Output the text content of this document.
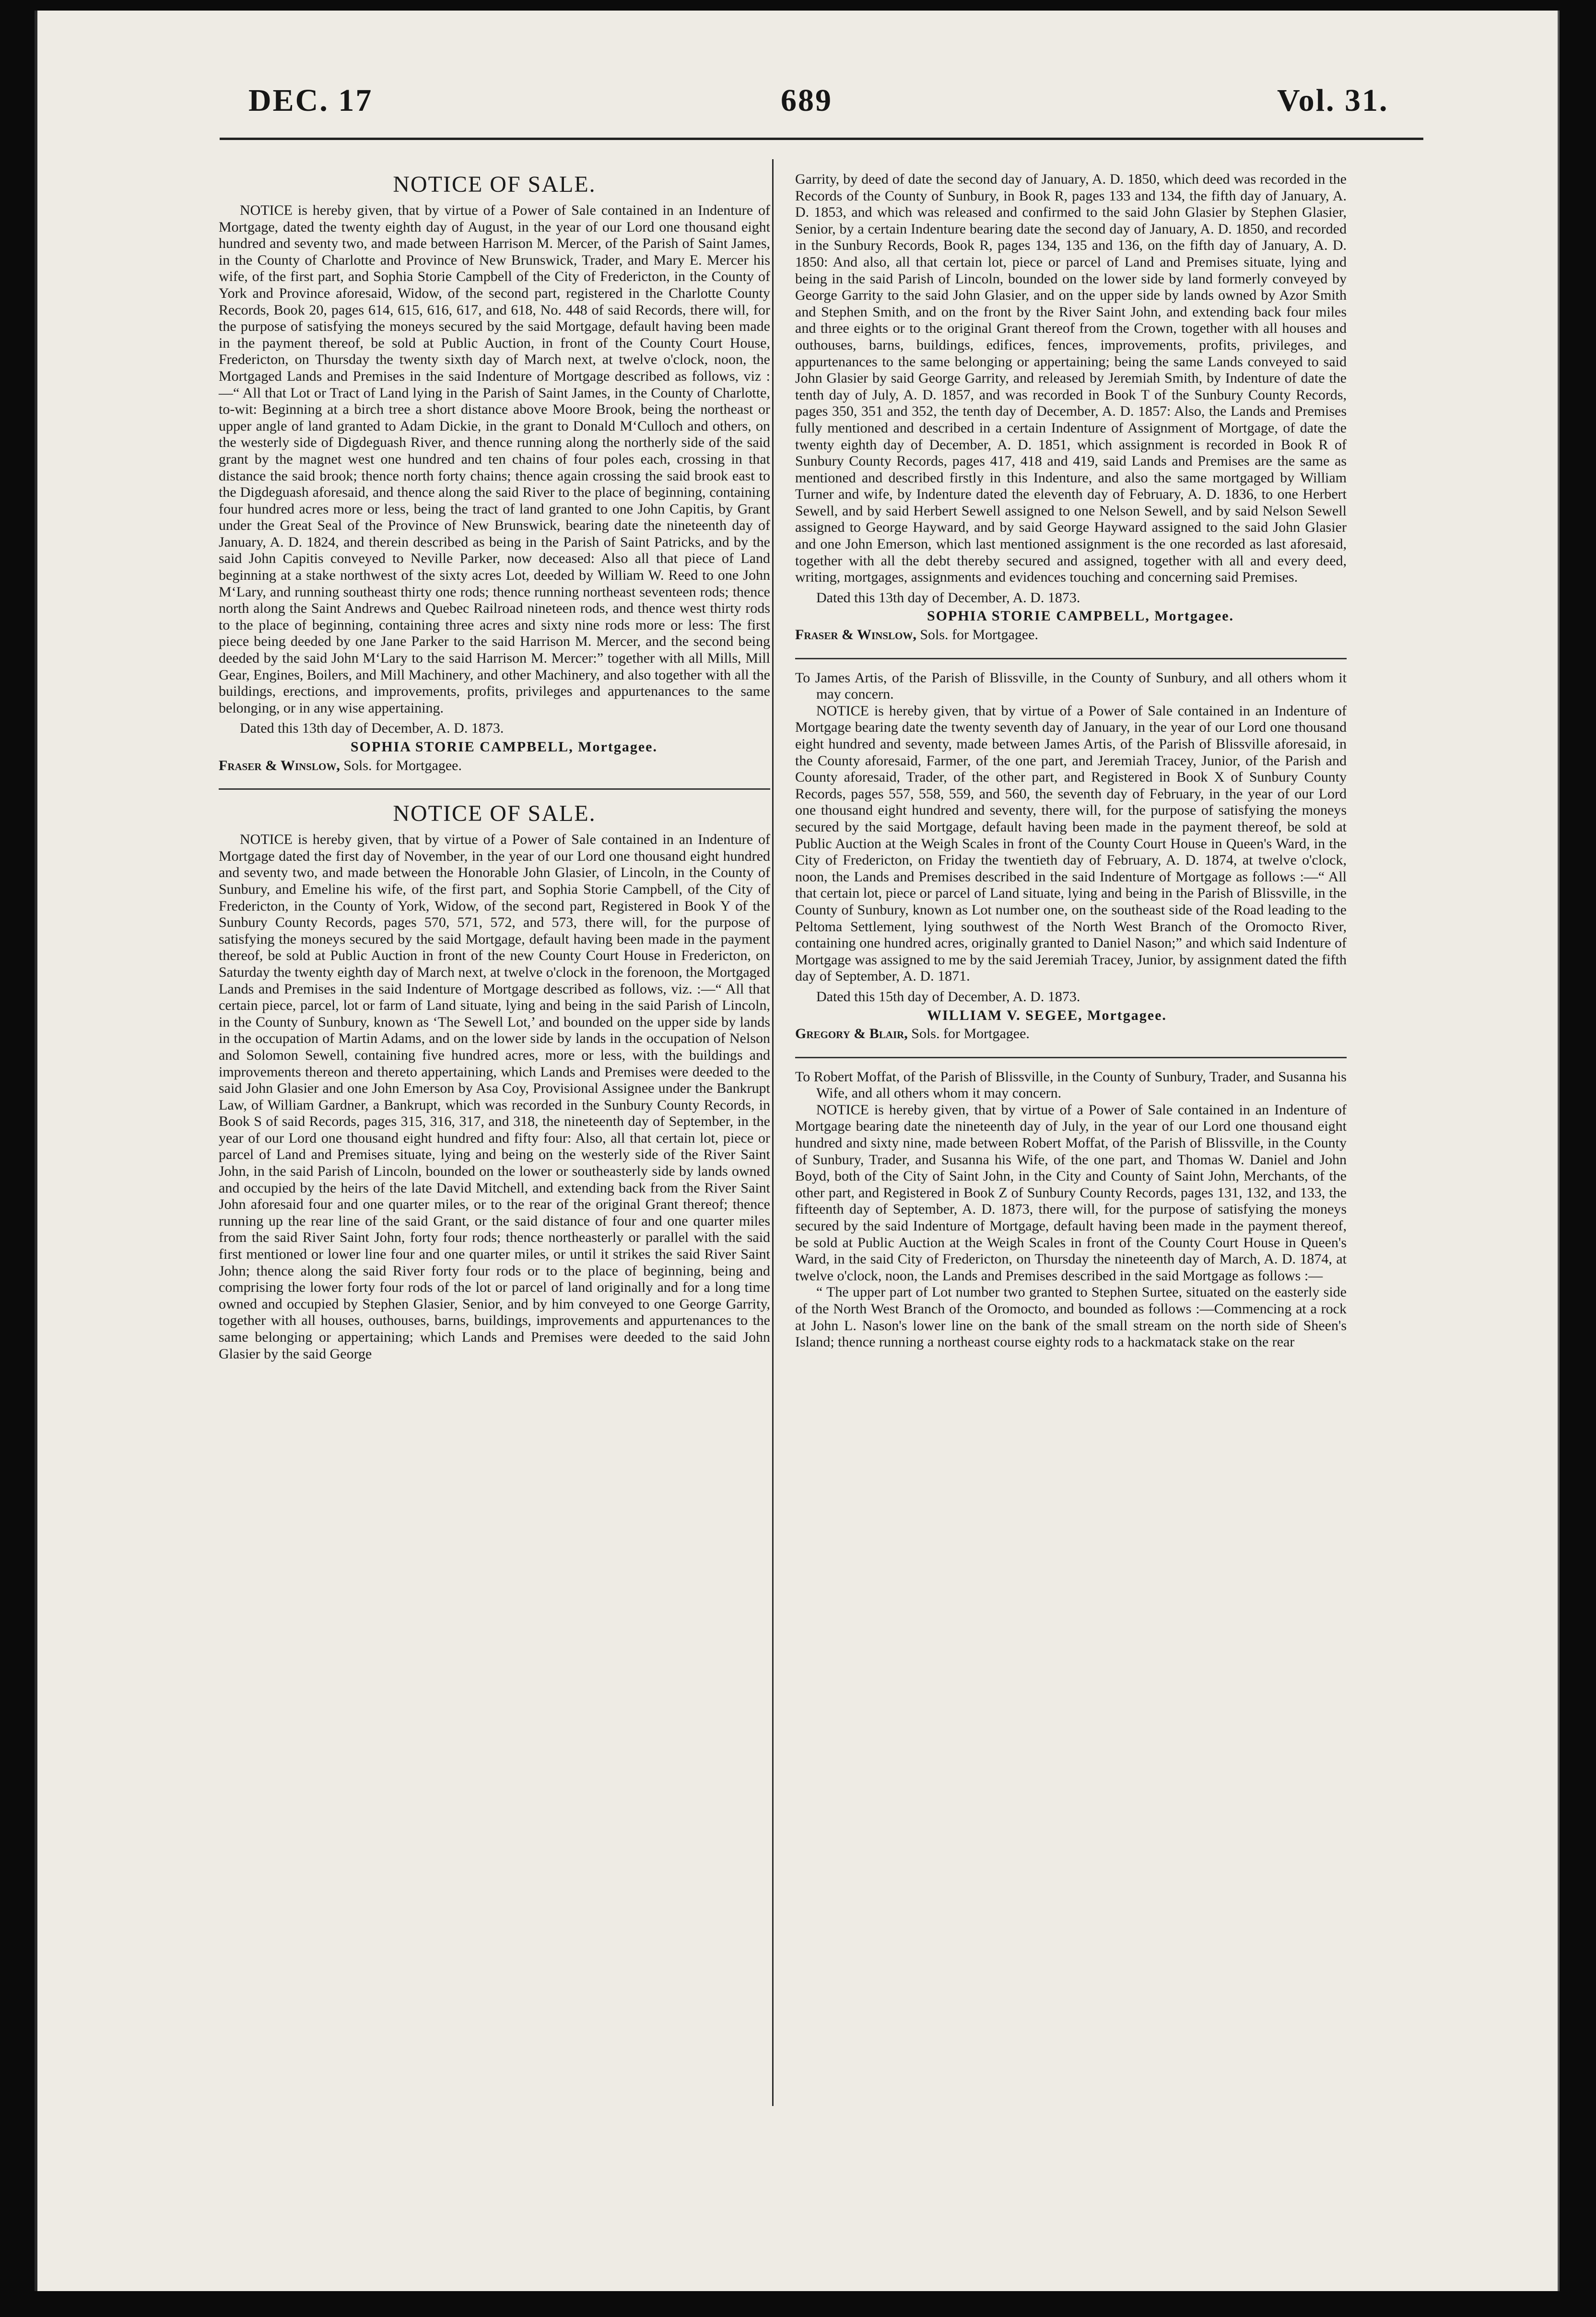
DEC. 17	689	Vol. 31.
NOTICE OF SALE.

NOTICE is hereby given, that by virtue of a Power of Sale contained in an Indenture of Mortgage, dated the twenty eighth day of August, in the year of our Lord one thousand eight hundred and seventy two, and made between Harrison M. Mercer, of the Parish of Saint James, in the County of Charlotte and Province of New Brunswick, Trader, and Mary E. Mercer his wife, of the first part, and Sophia Storie Campbell of the City of Fredericton, in the County of York and Province aforesaid, Widow, of the second part, registered in the Charlotte County Records, Book 20, pages 614, 615, 616, 617, and 618, No. 448 of said Records, there will, for the purpose of satisfying the moneys secured by the said Mortgage, default having been made in the payment thereof, be sold at Public Auction, in front of the County Court House, Fredericton, on Thursday the twenty sixth day of March next, at twelve o'clock, noon, the Mortgaged Lands and Premises in the said Indenture of Mortgage described as follows, viz :—“ All that Lot or Tract of Land lying in the Parish of Saint James, in the County of Charlotte, to-wit: Beginning at a birch tree a short distance above Moore Brook, being the northeast or upper angle of land granted to Adam Dickie, in the grant to Donald M‘Culloch and others, on the westerly side of Digdeguash River, and thence running along the northerly side of the said grant by the magnet west one hundred and ten chains of four poles each, crossing in that distance the said brook; thence north forty chains; thence again crossing the said brook east to the Digdeguash aforesaid, and thence along the said River to the place of beginning, containing four hundred acres more or less, being the tract of land granted to one John Capitis, by Grant under the Great Seal of the Province of New Brunswick, bearing date the nineteenth day of January, A. D. 1824, and therein described as being in the Parish of Saint Patricks, and by the said John Capitis conveyed to Neville Parker, now deceased: Also all that piece of Land beginning at a stake northwest of the sixty acres Lot, deeded by William W. Reed to one John M‘Lary, and running southeast thirty one rods; thence running northeast seventeen rods; thence north along the Saint Andrews and Quebec Railroad nineteen rods, and thence west thirty rods to the place of beginning, containing three acres and sixty nine rods more or less: The first piece being deeded by one Jane Parker to the said Harrison M. Mercer, and the second being deeded by the said John M‘Lary to the said Harrison M. Mercer:” together with all Mills, Mill Gear, Engines, Boilers, and Mill Machinery, and other Machinery, and also together with all the buildings, erections, and improvements, profits, privileges and appurtenances to the same belonging, or in any wise appertaining.

Dated this 13th day of December, A. D. 1873.

SOPHIA STORIE CAMPBELL, Mortgagee.

Fraser & Winslow, Sols. for Mortgagee.

NOTICE OF SALE.

NOTICE is hereby given, that by virtue of a Power of Sale contained in an Indenture of Mortgage dated the first day of November, in the year of our Lord one thousand eight hundred and seventy two, and made between the Honorable John Glasier, of Lincoln, in the County of Sunbury, and Emeline his wife, of the first part, and Sophia Storie Campbell, of the City of Fredericton, in the County of York, Widow, of the second part, Registered in Book Y of the Sunbury County Records, pages 570, 571, 572, and 573, there will, for the purpose of satisfying the moneys secured by the said Mortgage, default having been made in the payment thereof, be sold at Public Auction in front of the new County Court House in Fredericton, on Saturday the twenty eighth day of March next, at twelve o'clock in the forenoon, the Mortgaged Lands and Premises in the said Indenture of Mortgage described as follows, viz. :—“ All that certain piece, parcel, lot or farm of Land situate, lying and being in the said Parish of Lincoln, in the County of Sunbury, known as ‘The Sewell Lot,’ and bounded on the upper side by lands in the occupation of Martin Adams, and on the lower side by lands in the occupation of Nelson and Solomon Sewell, containing five hundred acres, more or less, with the buildings and improvements thereon and thereto appertaining, which Lands and Premises were deeded to the said John Glasier and one John Emerson by Asa Coy, Provisional Assignee under the Bankrupt Law, of William Gardner, a Bankrupt, which was recorded in the Sunbury County Records, in Book S of said Records, pages 315, 316, 317, and 318, the nineteenth day of September, in the year of our Lord one thousand eight hundred and fifty four: Also, all that certain lot, piece or parcel of Land and Premises situate, lying and being on the westerly side of the River Saint John, in the said Parish of Lincoln, bounded on the lower or southeasterly side by lands owned and occupied by the heirs of the late David Mitchell, and extending back from the River Saint John aforesaid four and one quarter miles, or to the rear of the original Grant thereof; thence running up the rear line of the said Grant, or the said distance of four and one quarter miles from the said River Saint John, forty four rods; thence northeasterly or parallel with the said first mentioned or lower line four and one quarter miles, or until it strikes the said River Saint John; thence along the said River forty four rods or to the place of beginning, being and comprising the lower forty four rods of the lot or parcel of land originally and for a long time owned and occupied by Stephen Glasier, Senior, and by him conveyed to one George Garrity, together with all houses, outhouses, barns, buildings, improvements and appurtenances to the same belonging or appertaining; which Lands and Premises were deeded to the said John Glasier by the said George

Garrity, by deed of date the second day of January, A. D. 1850, which deed was recorded in the Records of the County of Sunbury, in Book R, pages 133 and 134, the fifth day of January, A. D. 1853, and which was released and confirmed to the said John Glasier by Stephen Glasier, Senior, by a certain Indenture bearing date the second day of January, A. D. 1850, and recorded in the Sunbury Records, Book R, pages 134, 135 and 136, on the fifth day of January, A. D. 1850: And also, all that certain lot, piece or parcel of Land and Premises situate, lying and being in the said Parish of Lincoln, bounded on the lower side by land formerly conveyed by George Garrity to the said John Glasier, and on the upper side by lands owned by Azor Smith and Stephen Smith, and on the front by the River Saint John, and extending back four miles and three eights or to the original Grant thereof from the Crown, together with all houses and outhouses, barns, buildings, edifices, fences, improvements, profits, privileges, and appurtenances to the same belonging or appertaining; being the same Lands conveyed to said John Glasier by said George Garrity, and released by Jeremiah Smith, by Indenture of date the tenth day of July, A. D. 1857, and was recorded in Book T of the Sunbury County Records, pages 350, 351 and 352, the tenth day of December, A. D. 1857: Also, the Lands and Premises fully mentioned and described in a certain Indenture of Assignment of Mortgage, of date the twenty eighth day of December, A. D. 1851, which assignment is recorded in Book R of Sunbury County Records, pages 417, 418 and 419, said Lands and Premises are the same as mentioned and described firstly in this Indenture, and also the same mortgaged by William Turner and wife, by Indenture dated the eleventh day of February, A. D. 1836, to one Herbert Sewell, and by said Herbert Sewell assigned to one Nelson Sewell, and by said Nelson Sewell assigned to George Hayward, and by said George Hayward assigned to the said John Glasier and one John Emerson, which last mentioned assignment is the one recorded as last aforesaid, together with all the debt thereby secured and assigned, together with all and every deed, writing, mortgages, assignments and evidences touching and concerning said Premises.

Dated this 13th day of December, A. D. 1873.

SOPHIA STORIE CAMPBELL, Mortgagee.

Fraser & Winslow, Sols. for Mortgagee.

To James Artis, of the Parish of Blissville, in the County of Sunbury, and all others whom it may concern.

NOTICE is hereby given, that by virtue of a Power of Sale contained in an Indenture of Mortgage bearing date the twenty seventh day of January, in the year of our Lord one thousand eight hundred and seventy, made between James Artis, of the Parish of Blissville aforesaid, in the County aforesaid, Farmer, of the one part, and Jeremiah Tracey, Junior, of the Parish and County aforesaid, Trader, of the other part, and Registered in Book X of Sunbury County Records, pages 557, 558, 559, and 560, the seventh day of February, in the year of our Lord one thousand eight hundred and seventy, there will, for the purpose of satisfying the moneys secured by the said Mortgage, default having been made in the payment thereof, be sold at Public Auction at the Weigh Scales in front of the County Court House in Queen's Ward, in the City of Fredericton, on Friday the twentieth day of February, A. D. 1874, at twelve o'clock, noon, the Lands and Premises described in the said Indenture of Mortgage as follows :—“ All that certain lot, piece or parcel of Land situate, lying and being in the Parish of Blissville, in the County of Sunbury, known as Lot number one, on the southeast side of the Road leading to the Peltoma Settlement, lying southwest of the North West Branch of the Oromocto River, containing one hundred acres, originally granted to Daniel Nason;” and which said Indenture of Mortgage was assigned to me by the said Jeremiah Tracey, Junior, by assignment dated the fifth day of September, A. D. 1871.

Dated this 15th day of December, A. D. 1873.

WILLIAM V. SEGEE, Mortgagee.

Gregory & Blair, Sols. for Mortgagee.

To Robert Moffat, of the Parish of Blissville, in the County of Sunbury, Trader, and Susanna his Wife, and all others whom it may concern.

NOTICE is hereby given, that by virtue of a Power of Sale contained in an Indenture of Mortgage bearing date the nineteenth day of July, in the year of our Lord one thousand eight hundred and sixty nine, made between Robert Moffat, of the Parish of Blissville, in the County of Sunbury, Trader, and Susanna his Wife, of the one part, and Thomas W. Daniel and John Boyd, both of the City of Saint John, in the City and County of Saint John, Merchants, of the other part, and Registered in Book Z of Sunbury County Records, pages 131, 132, and 133, the fifteenth day of September, A. D. 1873, there will, for the purpose of satisfying the moneys secured by the said Indenture of Mortgage, default having been made in the payment thereof, be sold at Public Auction at the Weigh Scales in front of the County Court House in Queen's Ward, in the said City of Fredericton, on Thursday the nineteenth day of March, A. D. 1874, at twelve o'clock, noon, the Lands and Premises described in the said Mortgage as follows :—

“ The upper part of Lot number two granted to Stephen Surtee, situated on the easterly side of the North West Branch of the Oromocto, and bounded as follows :—Commencing at a rock at John L. Nason's lower line on the bank of the small stream on the north side of Sheen's Island; thence running a northeast course eighty rods to a hackmatack stake on the rear
